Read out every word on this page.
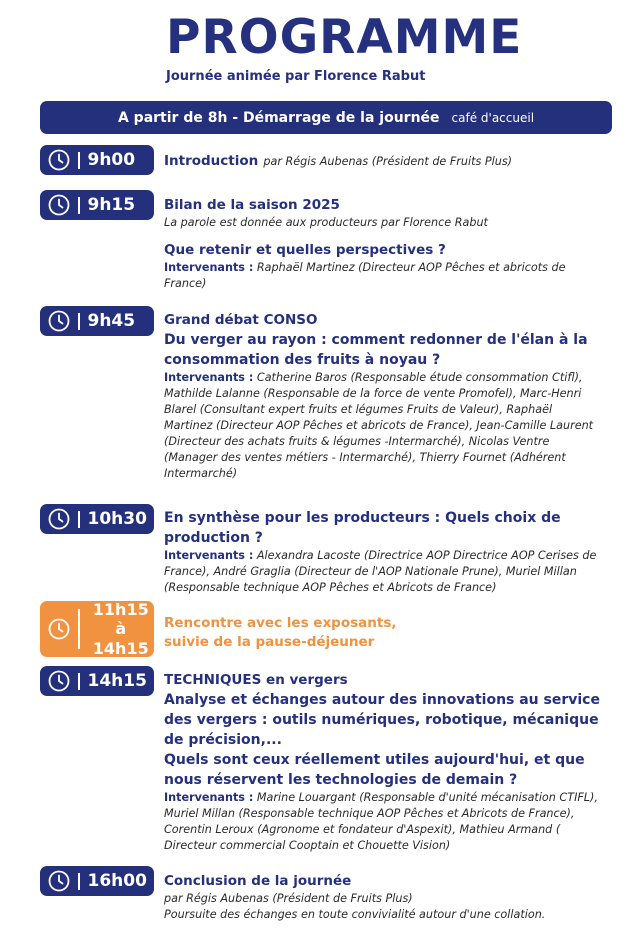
PROGRAMME
Journée animée par Florence Rabut
A partir de 8h - Démarrage de la journée café d'accueil
9h00 Introduction par Régis Aubenas (Président de Fruits Plus)
9h15 Bilan de la saison 2025
La parole est donnée aux producteurs par Florence Rabut
Que retenir et quelles perspectives ?
Intervenants : Raphaël Martinez (Directeur AOP Pêches et abricots de France)
9h45 Grand débat CONSO
Du verger au rayon : comment redonner de l'élan à la consommation des fruits à noyau ?
Intervenants : Catherine Baros (Responsable étude consommation Ctifl), Mathilde Lalanne (Responsable de la force de vente Promofel), Marc-Henri Blarel (Consultant expert fruits et légumes Fruits de Valeur), Raphaël Martinez (Directeur AOP Pêches et abricots de France), Jean-Camille Laurent (Directeur des achats fruits & légumes -Intermarché), Nicolas Ventre (Manager des ventes métiers - Intermarché), Thierry Fournet (Adhérent Intermarché)
10h30 En synthèse pour les producteurs : Quels choix de production ?
Intervenants : Alexandra Lacoste (Directrice AOP Directrice AOP Cerises de France), André Graglia (Directeur de l'AOP Nationale Prune), Muriel Millan (Responsable technique AOP Pêches et Abricots de France)
11h15
à 14h15
Rencontre avec les exposants,
suivie de la pause-déjeuner
14h15 TECHNIQUES en vergers
Analyse et échanges autour des innovations au service des vergers : outils numériques, robotique, mécanique de précision,...
Quels sont ceux réellement utiles aujourd'hui, et que nous réservent les technologies de demain ?
Intervenants : Marine Louargant (Responsable d'unité mécanisation CTIFL), Muriel Millan (Responsable technique AOP Pêches et Abricots de France), Corentin Leroux (Agronome et fondateur d'Aspexit), Mathieu Armand ( Directeur commercial Cooptain et Chouette Vision)
16h00 Conclusion de la journée
par Régis Aubenas (Président de Fruits Plus)
Poursuite des échanges en toute convivialité autour d'une collation.
